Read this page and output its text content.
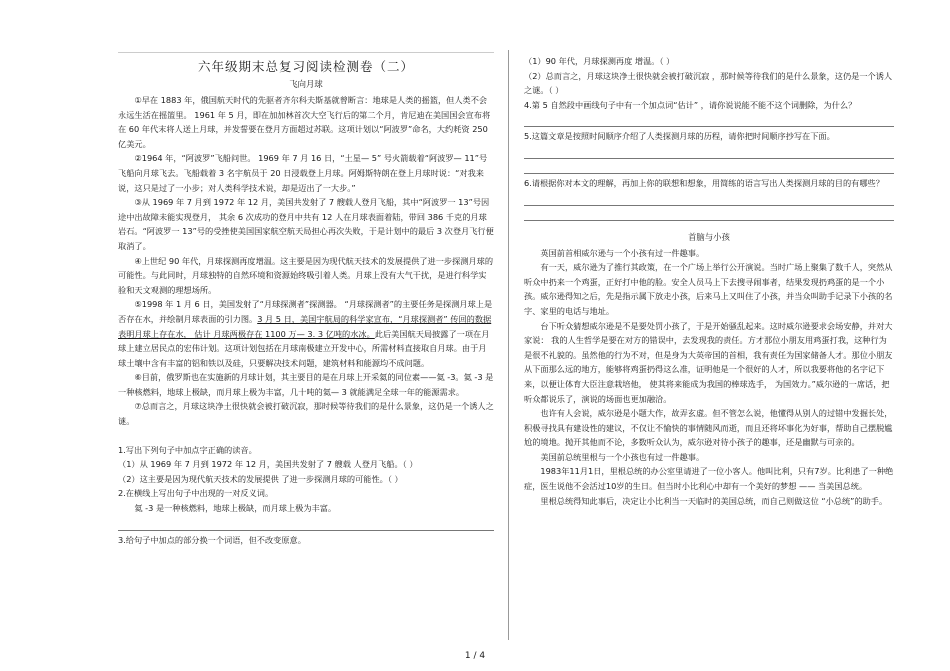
六年级期末总复习阅读检测卷（二）
飞向月球

①早在 1883 年，俄国航天时代的先驱者齐尔科夫斯基就曾断言：地球是人类的摇篮，但人类不会永远生活在摇篮里。 1961 年 5 月，即在加加林首次大空飞行后的第二个月，肯尼迪在美国国会宣布将在 60 年代末将人送上月球，并发誓要在登月方面超过苏联。这项计划以“阿波罗”命名，大约耗资 250 亿美元。

②1964 年，“阿波罗”飞船问世。 1969 年 7 月 16 日，“土星— 5” 号火箭载着“阿波罗— 11”号飞船向月球飞去。飞船载着 3 名宇航员于 20 日浸载登上月球。阿姆斯特朗在登上月球时说：“对我来说，这只是过了一小步；对人类科学技术说，却是迈出了一大步。”

③从 1969 年 7 月到 1972 年 12 月，美国共发射了 7 艘载人登月飞船，其中“阿波罗一 13”号因途中出故障未能实现登月， 其余 6 次成功的登月中共有 12 人在月球表面着陆，带回 386 千克的月球岩石。“阿波罗一 13”号的受挫使美国国家航空航天局担心再次失败，于是计划中的最后 3 次登月飞行便取消了。

④上世纪 90 年代，月球探测再度增温。这主要是因为现代航天技术的发展提供了进一步探测月球的可能性。与此同时，月球独特的自然环境和资源始终吸引着人类。月球上没有大气干扰，是进行科学实验和天文观测的理想场所。

⑤1998 年 1 月 6 日，美国发射了“月球探测者”探测器。 “月球探测者”的主要任务是探测月球上是否存在水，并绘制月球表面的引力图。3 月 5 日，美国宇航局的科学家宣布，“月球探测者” 传回的数据表明月球上存在水， 估计 月球两极存在 1100 万— 3. 3 亿吨的水冰。此后美国航天局披露了一项在月球上建立居民点的宏伟计划。这项计划包括在月球南极建立开发中心，所需材料直接取自月球。由于月球土壤中含有丰富的铝和铁以及硅，只要解决技术问题，建筑材料和能源均不成问题。

⑥目前，俄罗斯也在实施新的月球计划，其主要目的是在月球上开采氦的同位素——氦 -3。氦 -3 是一种核燃料，地球上极缺，而月球上极为丰富，几十吨的氦— 3 就能满足全球一年的能源需求。

⑦总而言之，月球这块净土很快就会被打破沉寂，那时候等待我们的是什么景象，这仍是一个诱人之谜。

1.写出下列句子中加点字正确的读音。

（1）从 1969 年 7 月到 1972 年 12 月，美国共发射了 7 艘载 人登月飞船。（ ）

（2）这主要是因为现代航天技术的发展提供 了进一步探测月球的可能性。（ ）

2.在横线上写出句子中出现的一对反义词。

氦 -3 是一种核燃料，地球上极缺，而月球上极为丰富。

3.给句子中加点的部分换一个词语，但不改变原意。

（1）90 年代，月球探测再度 增温。（ ）

（2）总而言之，月球这块净土很快就会被打破沉寂 ，那时候等待我们的是什么景象，这仍是一个诱人之谜。（ ）

4.第 5 自然段中画线句子中有一个加点词“估计” ，请你说说能不能不这个词删除，为什么？

5.这篇文章是按照时间顺序介绍了人类探测月球的历程，请你把时间顺序抄写在下面。

6.请根据你对本文的理解，再加上你的联想和想象，用简练的语言写出人类探测月球的目的有哪些？

首脑与小孩

英国前首相威尔逊与一个小孩有过一件趣事。

有一天，威尔逊为了推行其政策，在一个广场上举行公开演说。当时广场上聚集了数千人，突然从听众中扔来一个鸡蛋，正好打中他的脸。安全人员马上下去搜寻闹事者，结果发现扔鸡蛋的是一个小孩。威尔逊得知之后，先是指示属下放走小孩，后来马上又叫住了小孩，并当众叫助手记录下小孩的名字、家里的电话与地址。

台下听众猜想威尔逊是不是要处罚小孩了，于是开始骚乱起来。这时威尔逊要求会场安静，并对大家说： 我的人生哲学是要在对方的错误中，去发现我的责任。方才那位小朋友用鸡蛋打我，这种行为是很不礼貌的。虽然他的行为不对，但是身为大英帝国的首相，我有责任为国家储备人才。那位小朋友从下面那么远的地方，能够将鸡蛋扔得这么准，证明他是一个很好的人才，所以我要将他的名字记下来，以便让体育大臣注意栽培他， 使其将来能成为我国的棒球选手， 为国效力。”威尔逊的一席话，把听众都说乐了，演说的场面也更加融洽。

也许有人会说，威尔逊是小题大作，故弄玄虚。但不管怎么说，他懂得从别人的过错中发掘长处，积极寻找具有建设性的建议，不仅让不愉快的事情随风而逝，而且还将坏事化为好事，帮助自己摆脱尴尬的境地。抛开其他而不论，多数听众认为，威尔逊对待小孩子的趣事，还是幽默与可亲的。

美国前总统里根与一个小孩也有过一件趣事。

1983年11月1日，里根总统的办公室里请进了一位小客人。他叫比利，只有7岁。比利患了一种绝症，医生说他不会活过10岁的生日。但当时小比利心中却有一个美好的梦想 —— 当美国总统。

里根总统得知此事后，决定让小比利当一天临时的美国总统，而自己则做这位 “小总统”的助手。

1 / 4
